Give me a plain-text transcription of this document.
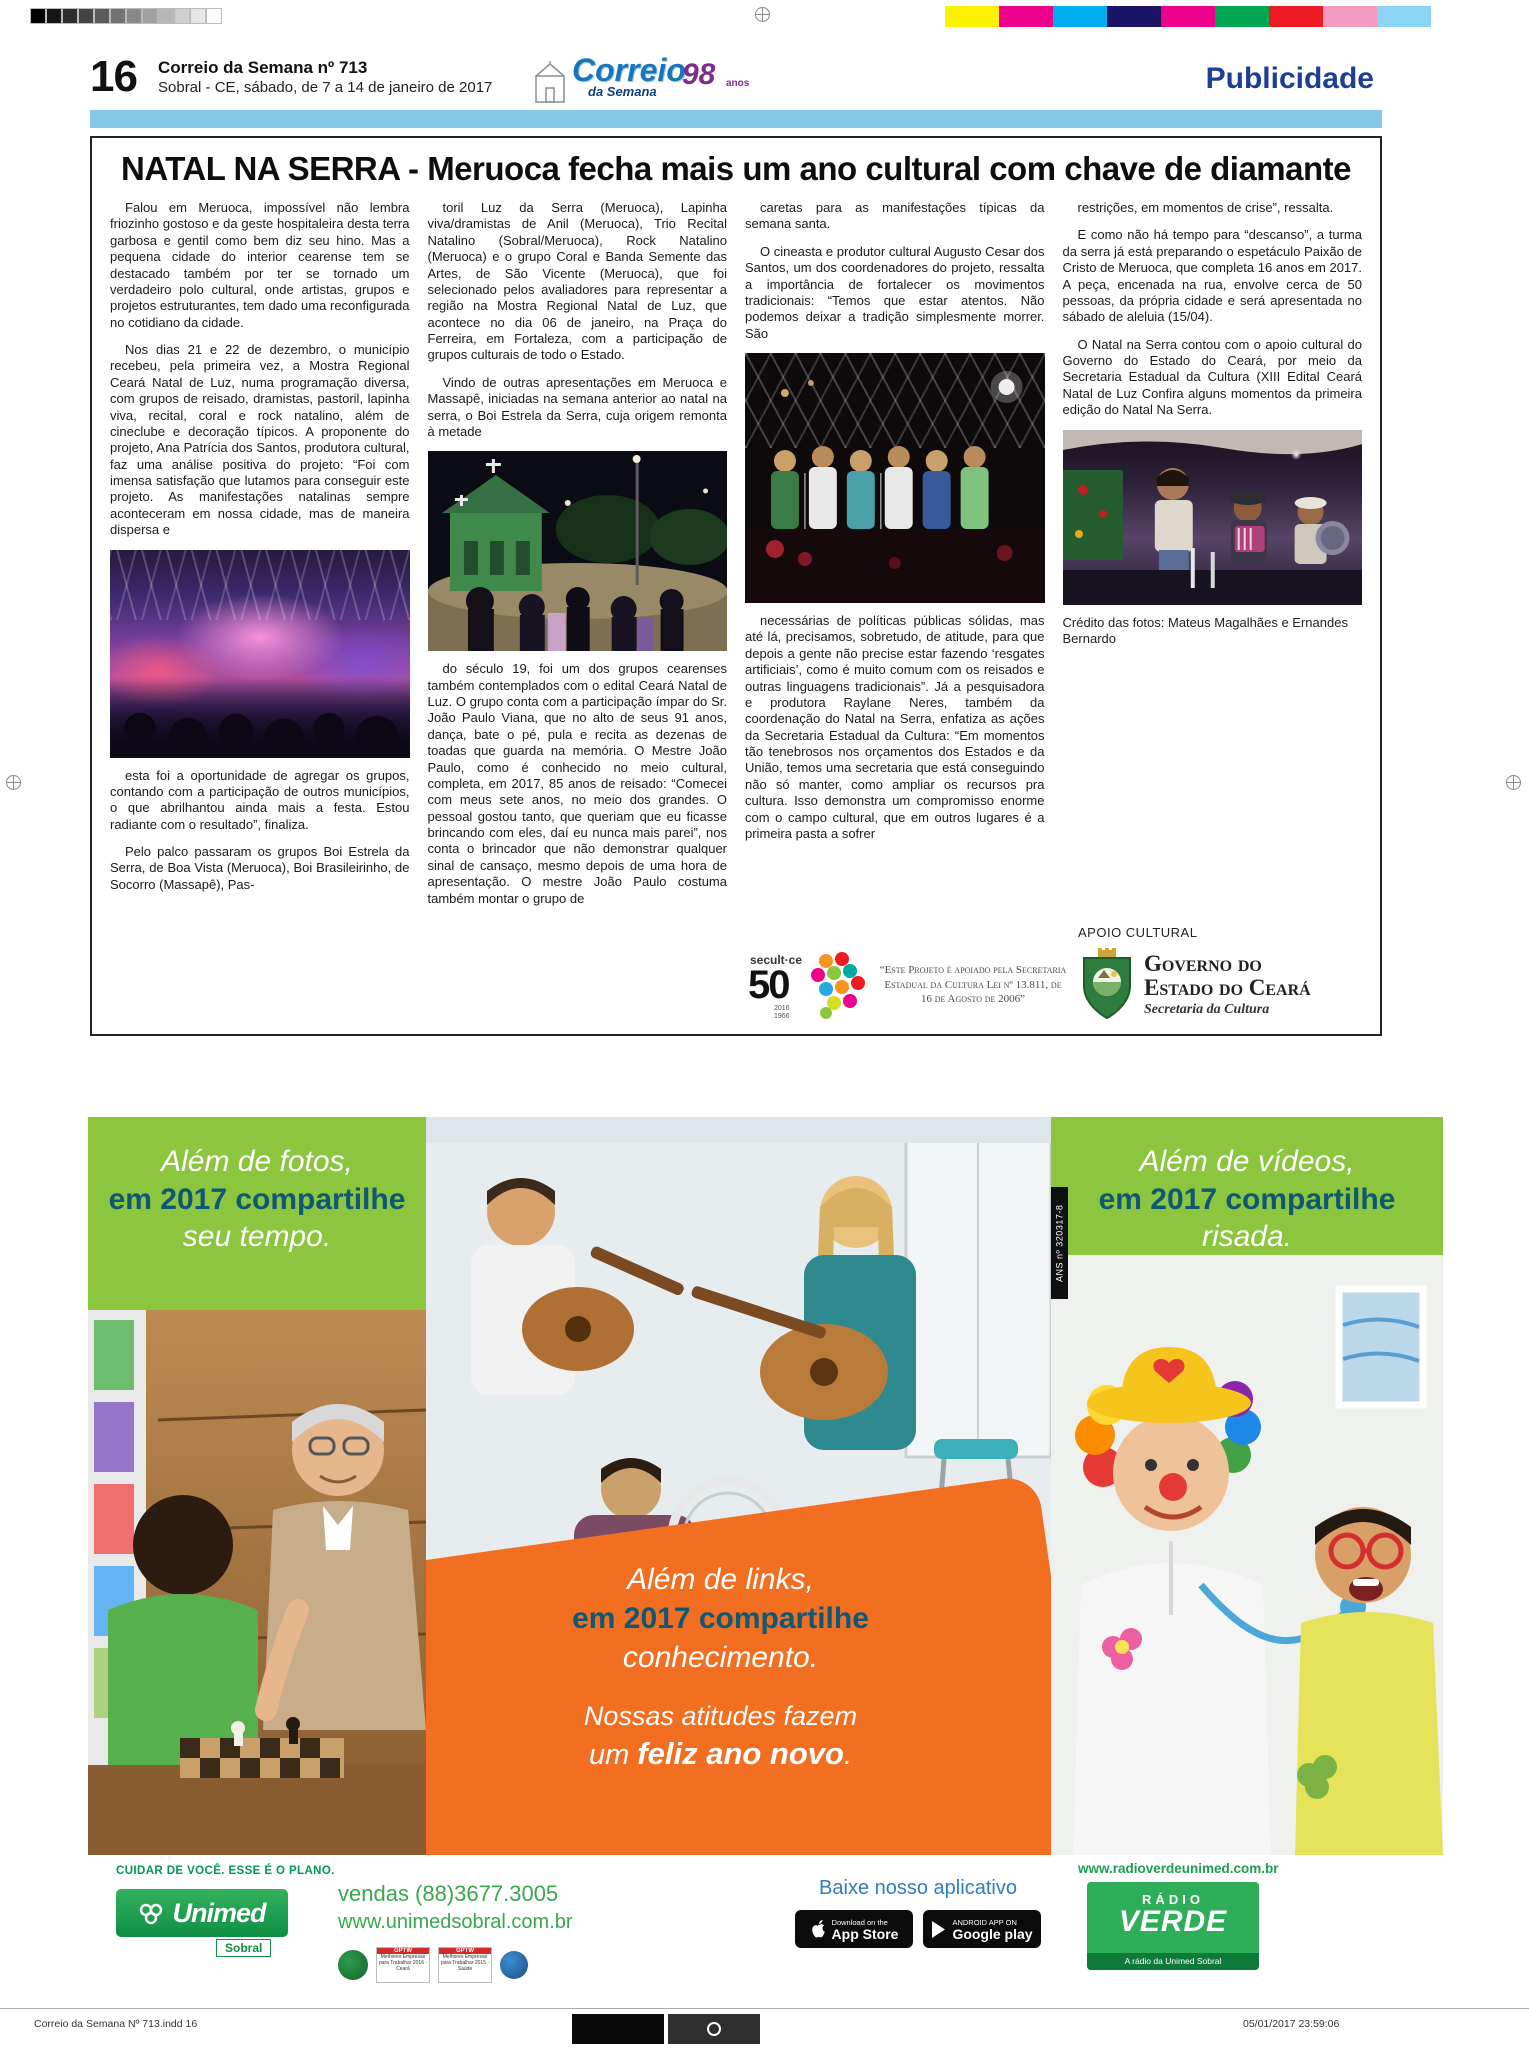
16 Correio da Semana nº 713
Sobral - CE, sábado, de 7 a 14 de janeiro de 2017 Correio
da Semana
98 anos	Publicidade
NATAL NA SERRA - Meruoca fecha mais um ano cultural com chave de diamante

Falou em Meruoca, impossível não lembra friozinho gostoso e da geste hospitaleira desta terra garbosa e gentil como bem diz seu hino. Mas a pequena cidade do interior cearense tem se destacado também por ter se tornado um verdadeiro polo cultural, onde artistas, grupos e projetos estruturantes, tem dado uma reconfigurada no cotidiano da cidade.

Nos dias 21 e 22 de dezembro, o município recebeu, pela primeira vez, a Mostra Regional Ceará Natal de Luz, numa programação diversa, com grupos de reisado, dramistas, pastoril, lapinha viva, recital, coral e rock natalino, além de cineclube e decoração típicos. A proponente do projeto, Ana Patrícia dos Santos, produtora cultural, faz uma análise positiva do projeto: “Foi com imensa satisfação que lutamos para conseguir este projeto. As manifestações natalinas sempre aconteceram em nossa cidade, mas de maneira dispersa e

esta foi a oportunidade de agregar os grupos, contando com a participação de outros municípios, o que abrilhantou ainda mais a festa. Estou radiante com o resultado”, finaliza.

Pelo palco passaram os grupos Boi Estrela da Serra, de Boa Vista (Meruoca), Boi Brasileirinho, de Socorro (Massapê), Pas-

toril Luz da Serra (Meruoca), Lapinha viva/dramistas de Anil (Meruoca), Trio Recital Natalino (Sobral/Meruoca), Rock Natalino (Meruoca) e o grupo Coral e Banda Semente das Artes, de São Vicente (Meruoca), que foi selecionado pelos avaliadores para representar a região na Mostra Regional Natal de Luz, que acontece no dia 06 de janeiro, na Praça do Ferreira, em Fortaleza, com a participação de grupos culturais de todo o Estado.

Vindo de outras apresentações em Meruoca e Massapê, iniciadas na semana anterior ao natal na serra, o Boi Estrela da Serra, cuja origem remonta à metade

do século 19, foi um dos grupos cearenses também contemplados com o edital Ceará Natal de Luz. O grupo conta com a participação ímpar do Sr. João Paulo Viana, que no alto de seus 91 anos, dança, bate o pé, pula e recita as dezenas de toadas que guarda na memória. O Mestre João Paulo, como é conhecido no meio cultural, completa, em 2017, 85 anos de reisado: “Comecei com meus sete anos, no meio dos grandes. O pessoal gostou tanto, que queriam que eu ficasse brincando com eles, daí eu nunca mais parei”, nos conta o brincador que não demonstrar qualquer sinal de cansaço, mesmo depois de uma hora de apresentação. O mestre João Paulo costuma também montar o grupo de

caretas para as manifestações típicas da semana santa.

O cineasta e produtor cultural Augusto Cesar dos Santos, um dos coordenadores do projeto, ressalta a importância de fortalecer os movimentos tradicionais: “Temos que estar atentos. Não podemos deixar a tradição simplesmente morrer. São

necessárias de políticas públicas sólidas, mas até lá, precisamos, sobretudo, de atitude, para que depois a gente não precise estar fazendo ‘resgates artificiais’, como é muito comum com os reisados e outras linguagens tradicionais”. Já a pesquisadora e produtora Raylane Neres, também da coordenação do Natal na Serra, enfatiza as ações da Secretaria Estadual da Cultura: “Em momentos tão tenebrosos nos orçamentos dos Estados e da União, temos uma secretaria que está conseguindo não só manter, como ampliar os recursos pra cultura. Isso demonstra um compromisso enorme com o campo cultural, que em outros lugares é a primeira pasta a sofrer

restrições, em momentos de crise”, ressalta.

E como não há tempo para “descanso”, a turma da serra já está preparando o espetáculo Paixão de Cristo de Meruoca, que completa 16 anos em 2017. A peça, encenada na rua, envolve cerca de 50 pessoas, da própria cidade e será apresentada no sábado de aleluia (15/04).

O Natal na Serra contou com o apoio cultural do Governo do Estado do Ceará, por meio da Secretaria Estadual da Cultura (XIII Edital Ceará Natal de Luz Confira alguns momentos da primeira edição do Natal Na Serra.

Crédito das fotos: Mateus Magalhães e Ernandes Bernardo
APOIO CULTURAL
secult·ce
50
2016
1966
“Este Projeto é apoiado pela Secretaria Estadual da Cultura Lei nº 13.811, de 16 de Agosto de 2006”
Governo do
Estado do Ceará
Secretaria da Cultura
Além de fotos,
em 2017 compartilhe
seu tempo.
Além de links,
em 2017 compartilhe
conhecimento.
Nossas atitudes fazem
um feliz ano novo.
ANS nº 320317-8
Além de vídeos,
em 2017 compartilhe
risada.
CUIDAR DE VOCÊ. ESSE É O PLANO.
Unimed
Sobral
vendas (88)3677.3005
www.unimedsobral.com.br
GPTW
Melhores Empresas para Trabalhar 2016 · Ceará
GPTW
Melhores Empresas para Trabalhar 2015 · Saúde
Baixe nosso aplicativo
Download on the
App Store
ANDROID APP ON
Google play
www.radioverdeunimed.com.br
RÁDIO
VERDE
A rádio da Unimed Sobral
Correio da Semana Nº 713.indd 16	05/01/2017 23:59:06
